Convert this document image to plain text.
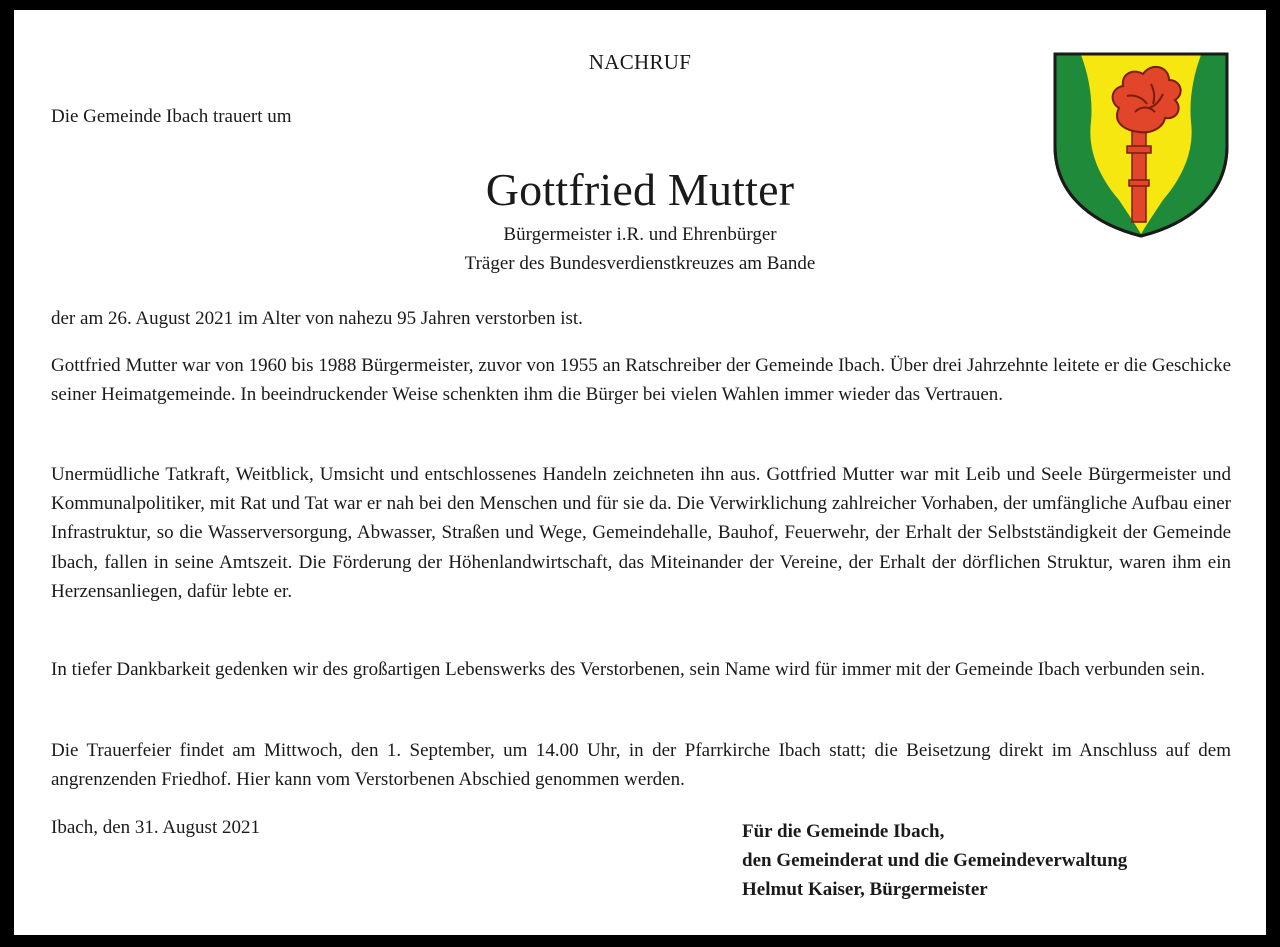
NACHRUF
Die Gemeinde Ibach trauert um
Gottfried Mutter
Bürgermeister i.R. und Ehrenbürger
Träger des Bundesverdienstkreuzes am Bande

der am 26. August 2021 im Alter von nahezu 95 Jahren verstorben ist.

Gottfried Mutter war von 1960 bis 1988 Bürgermeister, zuvor von 1955 an Ratschreiber der Gemeinde Ibach. Über drei Jahrzehnte leitete er die Geschicke seiner Heimatgemeinde. In beeindruckender Weise schenkten ihm die Bürger bei vielen Wahlen immer wieder das Vertrauen.

Unermüdliche Tatkraft, Weitblick, Umsicht und entschlossenes Handeln zeichneten ihn aus. Gottfried Mutter war mit Leib und Seele Bürgermeister und Kommunalpolitiker, mit Rat und Tat war er nah bei den Menschen und für sie da. Die Verwirklichung zahlreicher Vorhaben, der umfängliche Aufbau einer Infrastruktur, so die Wasserversorgung, Abwasser, Straßen und Wege, Gemeindehalle, Bauhof, Feuerwehr, der Erhalt der Selbstständigkeit der Gemeinde Ibach, fallen in seine Amtszeit. Die Förderung der Höhenlandwirtschaft, das Miteinander der Vereine, der Erhalt der dörflichen Struktur, waren ihm ein Herzensanliegen, dafür lebte er.

In tiefer Dankbarkeit gedenken wir des großartigen Lebenswerks des Verstorbenen, sein Name wird für immer mit der Gemeinde Ibach verbunden sein.

Die Trauerfeier findet am Mittwoch, den 1. September, um 14.00 Uhr, in der Pfarrkirche Ibach statt; die Beisetzung direkt im Anschluss auf dem angrenzenden Friedhof. Hier kann vom Verstorbenen Abschied genommen werden.

Ibach, den 31. August 2021	Für die Gemeinde Ibach,
den Gemeinderat und die Gemeindeverwaltung
Helmut Kaiser, Bürgermeister
